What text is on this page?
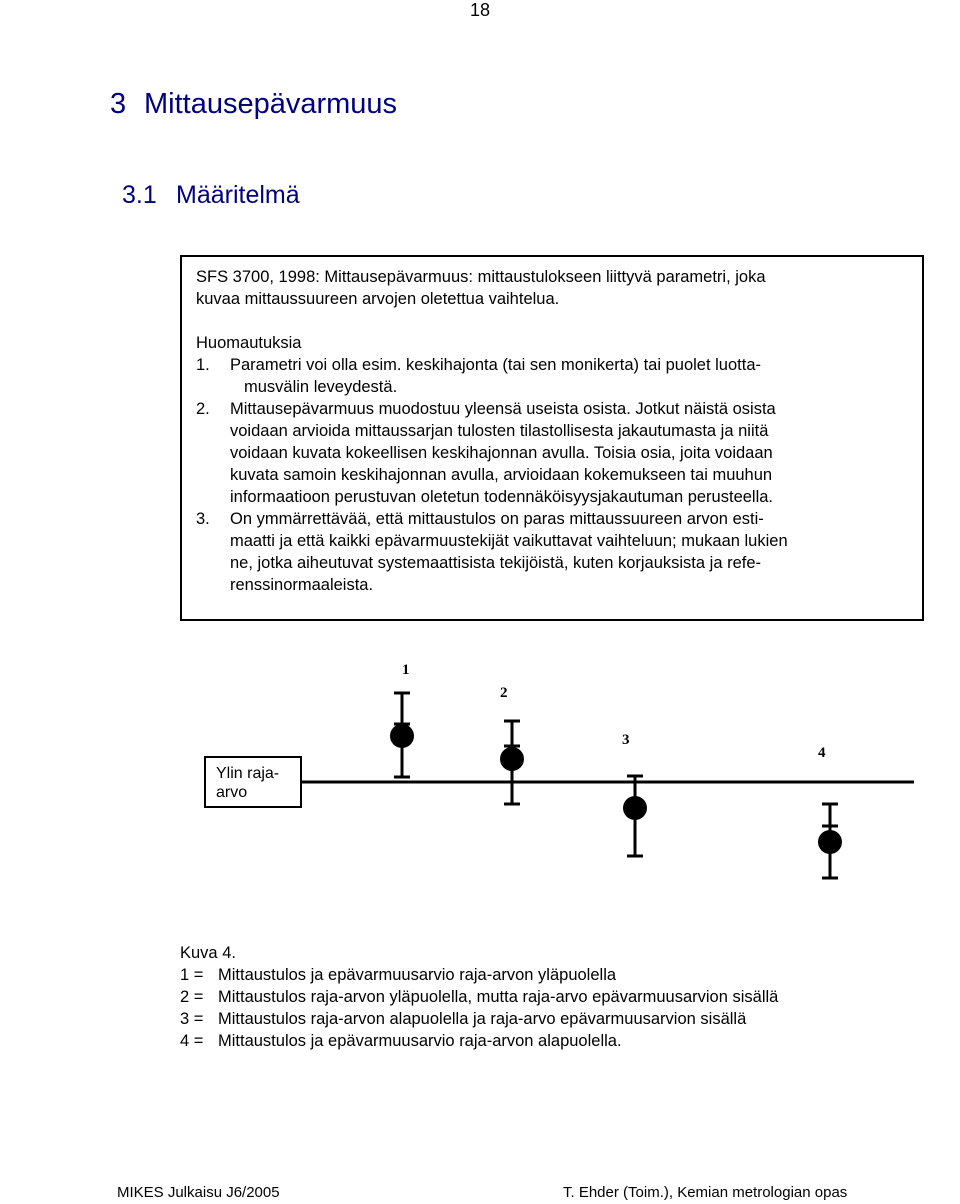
18
3 Mittausepävarmuus
3.1 Määritelmä
SFS 3700, 1998: Mittausepävarmuus: mittaustulokseen liittyvä parametri, joka
kuvaa mittaussuureen arvojen oletettua vaihtelua.
Huomautuksia
1. Parametri voi olla esim. keskihajonta (tai sen monikerta) tai puolet luotta-
musvälin leveydestä.
2. Mittausepävarmuus muodostuu yleensä useista osista. Jotkut näistä osista
voidaan arvioida mittaussarjan tulosten tilastollisesta jakautumasta ja niitä
voidaan kuvata kokeellisen keskihajonnan avulla. Toisia osia, joita voidaan
kuvata samoin keskihajonnan avulla, arvioidaan kokemukseen tai muuhun
informaatioon perustuvan oletetun todennäköisyysjakautuman perusteella.
3. On ymmärrettävää, että mittaustulos on paras mittaussuureen arvon esti-
maatti ja että kaikki epävarmuustekijät vaikuttavat vaihteluun; mukaan lukien
ne, jotka aiheutuvat systemaattisista tekijöistä, kuten korjauksista ja refe-
renssinormaaleista.
Ylin raja-
arvo
1
2
3
4
Kuva 4.
1 = Mittaustulos ja epävarmuusarvio raja-arvon yläpuolella
2 = Mittaustulos raja-arvon yläpuolella, mutta raja-arvo epävarmuusarvion sisällä
3 = Mittaustulos raja-arvon alapuolella ja raja-arvo epävarmuusarvion sisällä
4 = Mittaustulos ja epävarmuusarvio raja-arvon alapuolella.
MIKES Julkaisu J6/2005	T. Ehder (Toim.), Kemian metrologian opas
